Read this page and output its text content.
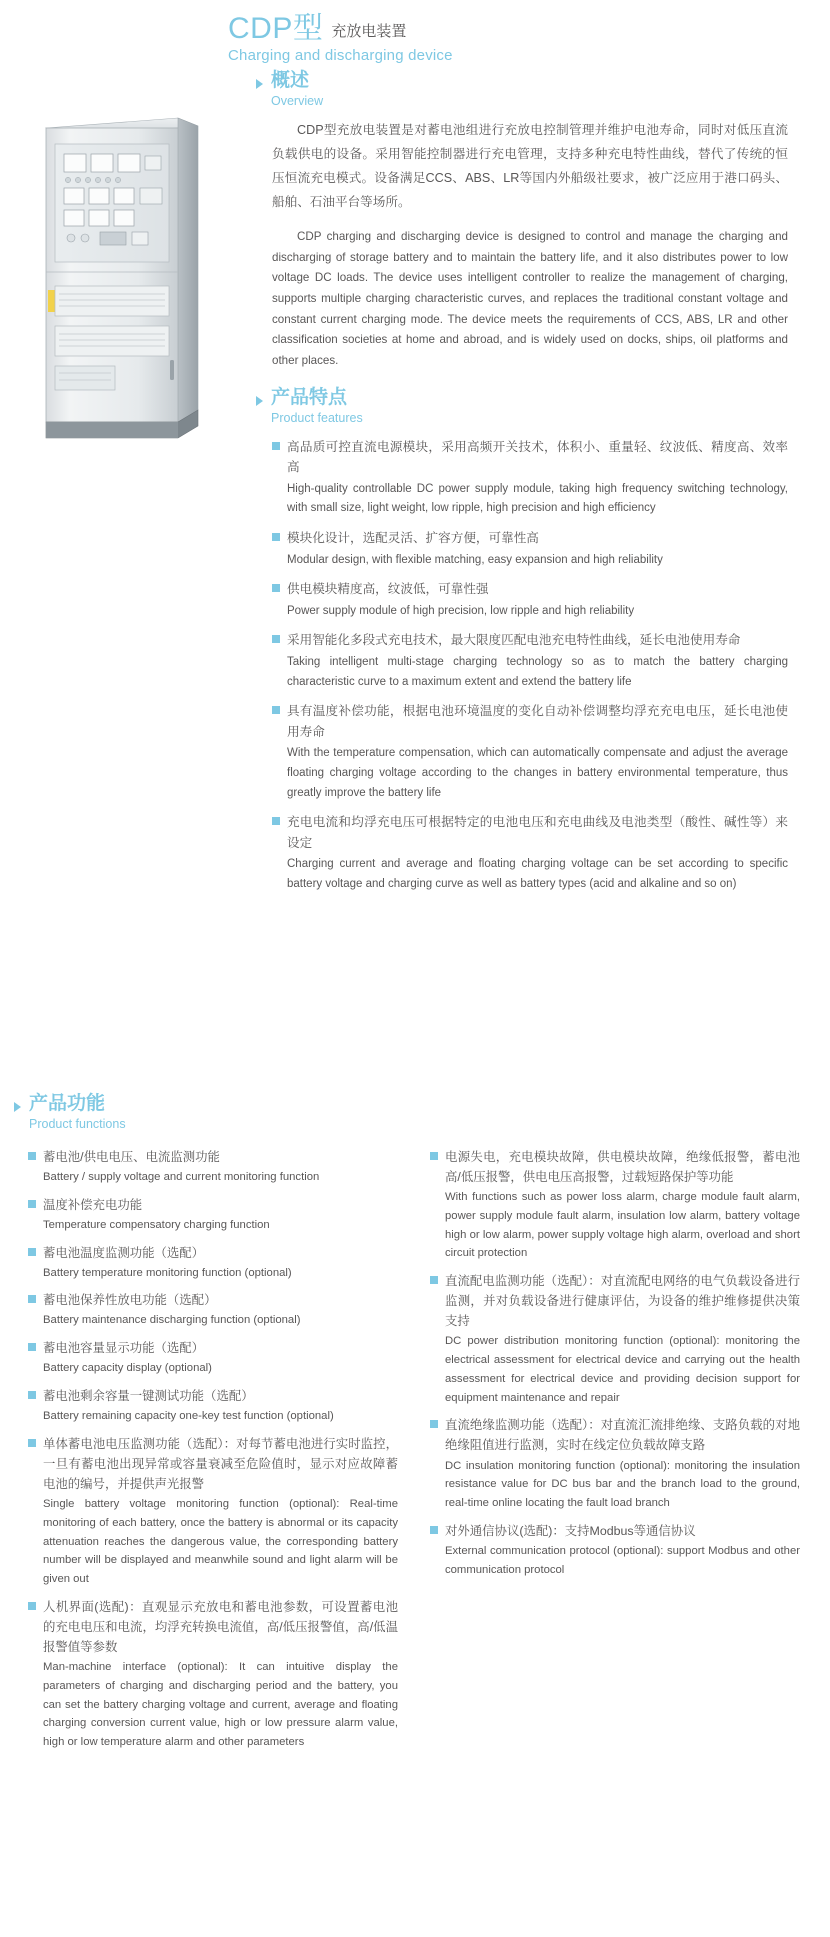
CDP型 充放电装置
Charging and discharging device
概述
Overview

CDP型充放电装置是对蓄电池组进行充放电控制管理并维护电池寿命，同时对低压直流负载供电的设备。采用智能控制器进行充电管理，支持多种充电特性曲线，替代了传统的恒压恒流充电模式。设备满足CCS、ABS、LR等国内外船级社要求，被广泛应用于港口码头、船舶、石油平台等场所。

CDP charging and discharging device is designed to control and manage the charging and discharging of storage battery and to maintain the battery life, and it also distributes power to low voltage DC loads. The device uses intelligent controller to realize the management of charging, supports multiple charging characteristic curves, and replaces the traditional constant voltage and constant current charging mode. The device meets the requirements of CCS, ABS, LR and other classification societies at home and abroad, and is widely used on docks, ships, oil platforms and other places.

产品特点
Product features
高品质可控直流电源模块，采用高频开关技术，体积小、重量轻、纹波低、精度高、效率高
High-quality controllable DC power supply module, taking high frequency switching technology, with small size, light weight, low ripple, high precision and high efficiency
模块化设计，选配灵活、扩容方便，可靠性高
Modular design, with flexible matching, easy expansion and high reliability
供电模块精度高，纹波低，可靠性强
Power supply module of high precision, low ripple and high reliability
采用智能化多段式充电技术，最大限度匹配电池充电特性曲线，延长电池使用寿命
Taking intelligent multi-stage charging technology so as to match the battery charging characteristic curve to a maximum extent and extend the battery life
具有温度补偿功能，根据电池环境温度的变化自动补偿调整均浮充充电电压，延长电池使用寿命
With the temperature compensation, which can automatically compensate and adjust the average floating charging voltage according to the changes in battery environmental temperature, thus greatly improve the battery life
充电电流和均浮充电压可根据特定的电池电压和充电曲线及电池类型（酸性、碱性等）来设定
Charging current and average and floating charging voltage can be set according to specific battery voltage and charging curve as well as battery types (acid and alkaline and so on)
产品功能
Product functions
蓄电池/供电电压、电流监测功能
Battery / supply voltage and current monitoring function
温度补偿充电功能
Temperature compensatory charging function
蓄电池温度监测功能（选配）
Battery temperature monitoring function (optional)
蓄电池保养性放电功能（选配）
Battery maintenance discharging function (optional)
蓄电池容量显示功能（选配）
Battery capacity display (optional)
蓄电池剩余容量一键测试功能（选配）
Battery remaining capacity one-key test function (optional)
单体蓄电池电压监测功能（选配）：对每节蓄电池进行实时监控，一旦有蓄电池出现异常或容量衰减至危险值时，显示对应故障蓄电池的编号，并提供声光报警
Single battery voltage monitoring function (optional): Real-time monitoring of each battery, once the battery is abnormal or its capacity attenuation reaches the dangerous value, the corresponding battery number will be displayed and meanwhile sound and light alarm will be given out
人机界面(选配)：直观显示充放电和蓄电池参数，可设置蓄电池的充电电压和电流，均浮充转换电流值，高/低压报警值，高/低温报警值等参数
Man-machine interface (optional): It can intuitive display the parameters of charging and discharging period and the battery, you can set the battery charging voltage and current, average and floating charging conversion current value, high or low pressure alarm value, high or low temperature alarm and other parameters
电源失电，充电模块故障，供电模块故障，绝缘低报警，蓄电池高/低压报警，供电电压高报警，过载短路保护等功能
With functions such as power loss alarm, charge module fault alarm, power supply module fault alarm, insulation low alarm, battery voltage high or low alarm, power supply voltage high alarm, overload and short circuit protection
直流配电监测功能（选配）：对直流配电网络的电气负载设备进行监测，并对负载设备进行健康评估，为设备的维护维修提供决策支持
DC power distribution monitoring function (optional): monitoring the electrical assessment for electrical device and carrying out the health assessment for electrical device and providing decision support for equipment maintenance and repair
直流绝缘监测功能（选配）：对直流汇流排绝缘、支路负载的对地绝缘阻值进行监测，实时在线定位负载故障支路
DC insulation monitoring function (optional): monitoring the insulation resistance value for DC bus bar and the branch load to the ground, real-time online locating the fault load branch
对外通信协议(选配)：支持Modbus等通信协议
External communication protocol (optional): support Modbus and other communication protocol
